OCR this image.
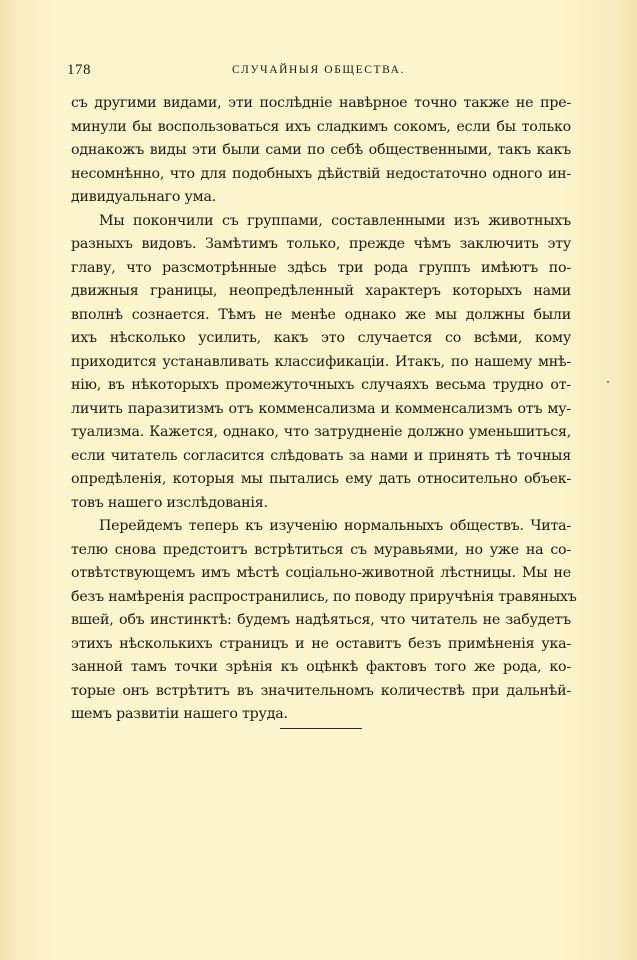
178	СЛУЧАЙНЫЯ ОБЩЕСТВА.
съ другими видами, эти послѣдніе навѣрное точно также не пре-
минули бы воспользоваться ихъ сладкимъ сокомъ, если бы только
однакожъ виды эти были сами по себѣ общественными, такъ какъ
несомнѣнно, что для подобныхъ дѣйствій недостаточно одного ин-
дивидуальнаго ума.
Мы покончили съ группами, составленными изъ животныхъ
разныхъ видовъ. Замѣтимъ только, прежде чѣмъ заключить эту
главу, что разсмотрѣнные здѣсь три рода группъ имѣютъ по-
движныя границы, неопредѣленный характеръ которыхъ нами
вполнѣ сознается. Тѣмъ не менѣе однако же мы должны были
ихъ нѣсколько усилить, какъ это случается со всѣми, кому
приходится устанавливать классификаціи. Итакъ, по нашему мнѣ-
нію, въ нѣкоторыхъ промежуточныхъ случаяхъ весьма трудно от-
личить паразитизмъ отъ комменсализма и комменсализмъ отъ му-
туализма. Кажется, однако, что затрудненіе должно уменьшиться,
если читатель согласится слѣдовать за нами и принять тѣ точныя
опредѣленія, которыя мы пытались ему дать относительно объек-
товъ нашего изслѣдованія.
Перейдемъ теперь къ изученію нормальныхъ обществъ. Чита-
телю снова предстоитъ встрѣтиться съ муравьями, но уже на со-
отвѣтствующемъ имъ мѣстѣ соціально-животной лѣстницы. Мы не
безъ намѣренія распространились, по поводу приручѣнія травяныхъ
вшей, объ инстинктѣ: будемъ надѣяться, что читатель не забудетъ
этихъ нѣсколькихъ страницъ и не оставитъ безъ примѣненія ука-
занной тамъ точки зрѣнія къ оцѣнкѣ фактовъ того же рода, ко-
торые онъ встрѣтитъ въ значительномъ количествѣ при дальнѣй-
шемъ развитіи нашего труда.
